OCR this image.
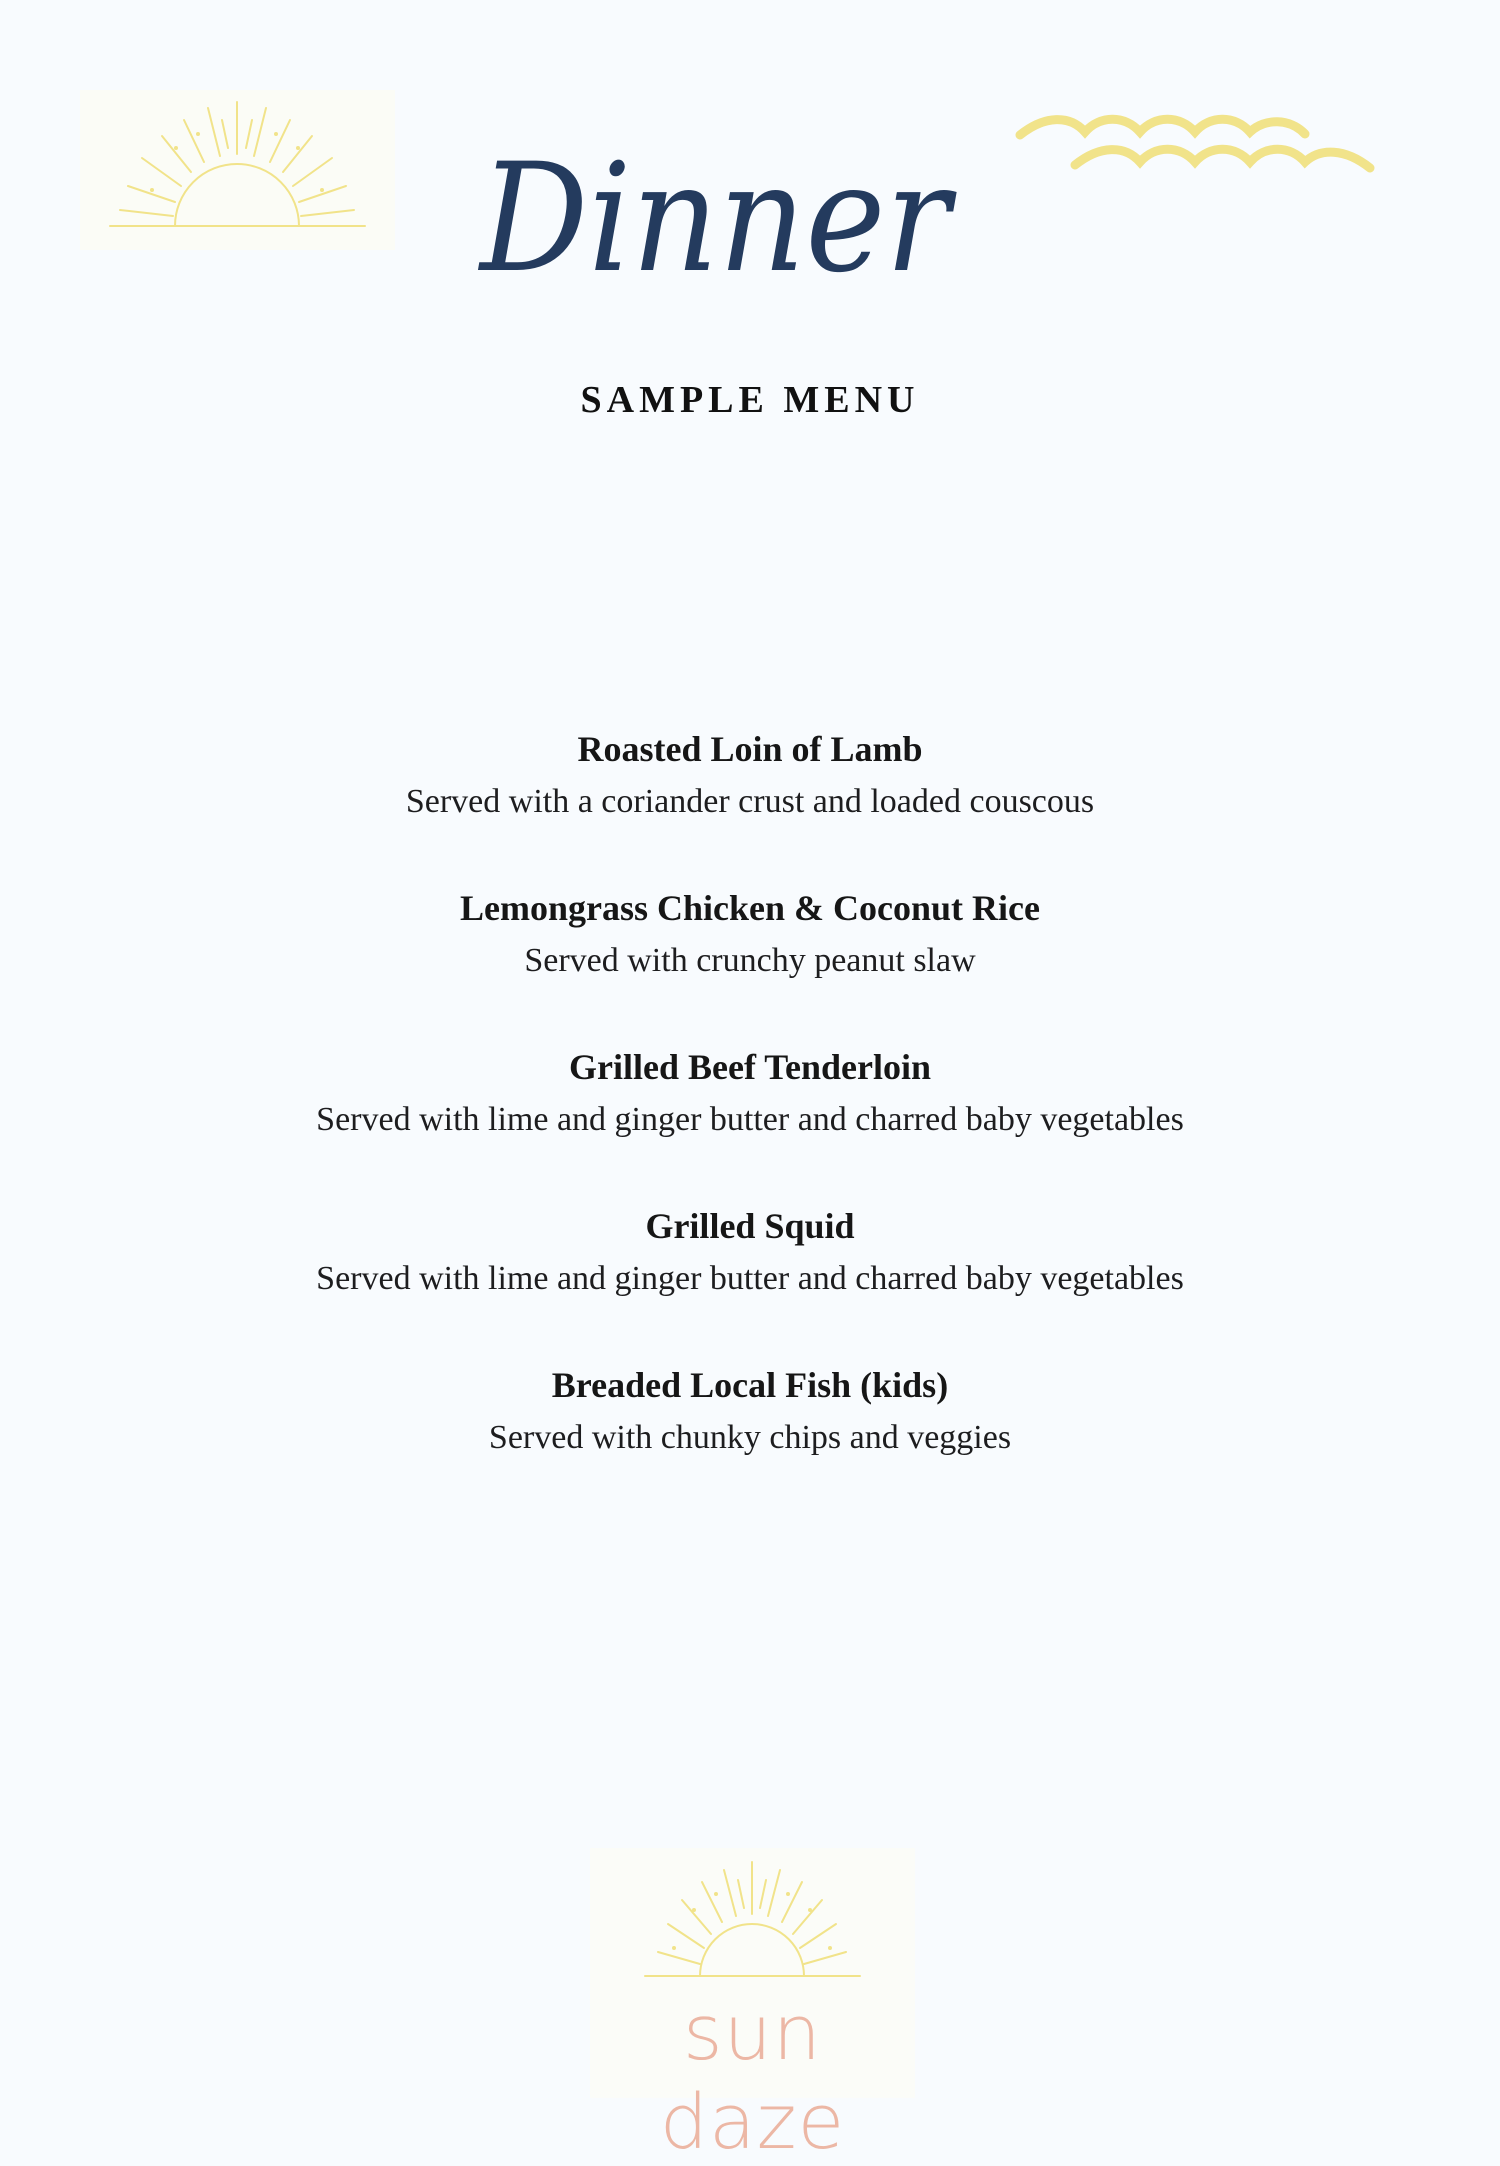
Dinner
SAMPLE MENU
Roasted Loin of Lamb
Served with a coriander crust and loaded couscous
Lemongrass Chicken & Coconut Rice
Served with crunchy peanut slaw
Grilled Beef Tenderloin
Served with lime and ginger butter and charred baby vegetables
Grilled Squid
Served with lime and ginger butter and charred baby vegetables
Breaded Local Fish (kids)
Served with chunky chips and veggies
sun daze
